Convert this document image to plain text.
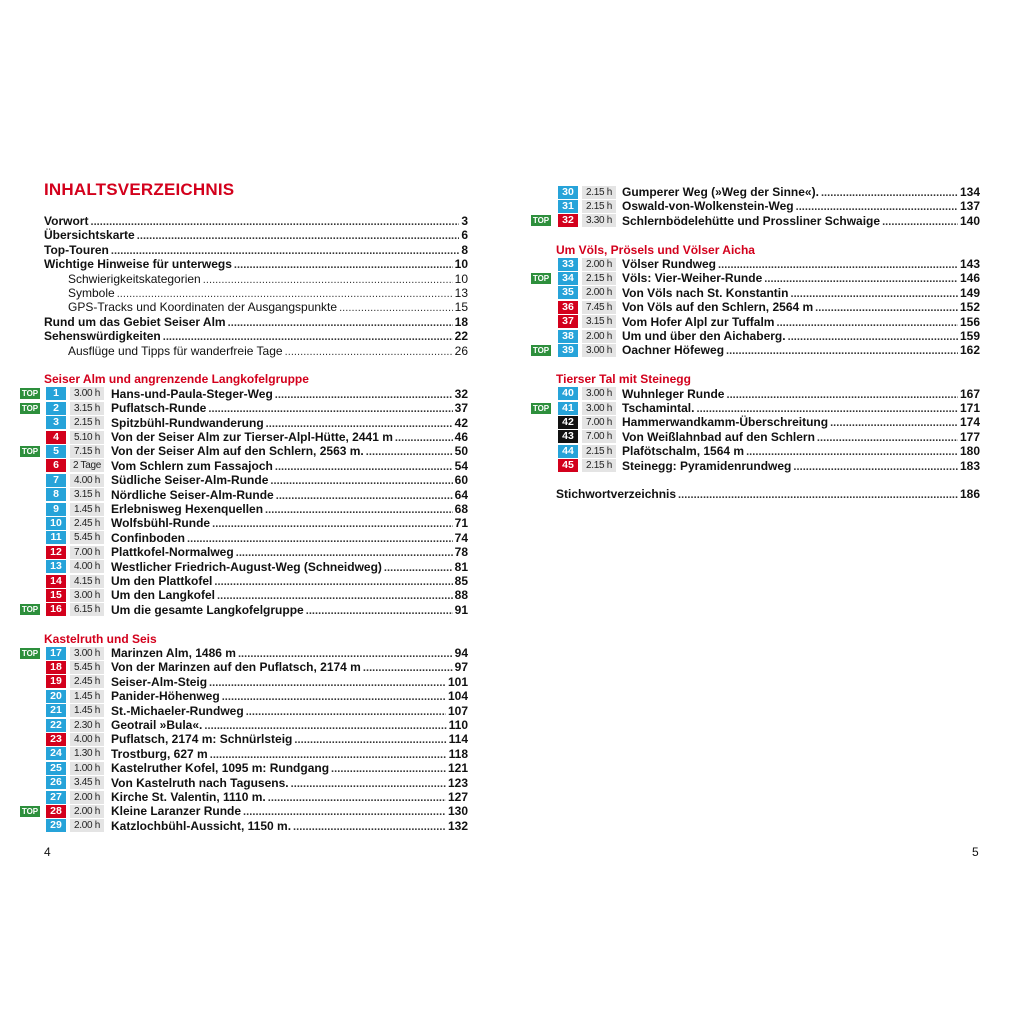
INHALTSVERZEICHNIS
4	5
Vorwort . . .	3
Übersichtskarte . . .	6
Top-Touren . . .	8
Wichtige Hinweise für unterwegs . . .	10
Schwierigkeitskategorien . . .	10
Symbole . . .	13
GPS-Tracks und Koordinaten der Ausgangspunkte . . .	15
Rund um das Gebiet Seiser Alm . . .	18
Sehenswürdigkeiten . . .	22
Ausflüge und Tipps für wanderfreie Tage . . .	26
Seiser Alm und angrenzende Langkofelgruppe
TOP	1	3.00 h Hans-und-Paula-Steger-Weg . . .	32
TOP	2	3.15 h Puflatsch-Runde . . .	37
3	2.15 h Spitzbühl-Rundwanderung . . .	42
4	5.10 h Von der Seiser Alm zur Tierser-Alpl-Hütte, 2441 m . . .	46
TOP	5	7.15 h Von der Seiser Alm auf den Schlern, 2563 m. . . .	50
6	2 Tage Vom Schlern zum Fassajoch . . .	54
7	4.00 h Südliche Seiser-Alm-Runde . . .	60
8	3.15 h Nördliche Seiser-Alm-Runde . . .	64
9	1.45 h Erlebnisweg Hexenquellen . . .	68
10	2.45 h Wolfsbühl-Runde . . .	71
11	5.45 h Confinboden . . .	74
12	7.00 h Plattkofel-Normalweg . . .	78
13	4.00 h Westlicher Friedrich-August-Weg (Schneidweg) . . .	81
14	4.15 h Um den Plattkofel . . .	85
15	3.00 h Um den Langkofel . . .	88
TOP	16	6.15 h Um die gesamte Langkofelgruppe . . .	91
Kastelruth und Seis
TOP	17	3.00 h Marinzen Alm, 1486 m . . .	94
18	5.45 h Von der Marinzen auf den Puflatsch, 2174 m . . .	97
19	2.45 h Seiser-Alm-Steig . . .	101
20	1.45 h Panider-Höhenweg . . .	104
21	1.45 h St.-Michaeler-Rundweg . . .	107
22	2.30 h Geotrail »Bula«. . . .	110
23	4.00 h Puflatsch, 2174 m: Schnürlsteig . . .	114
24	1.30 h Trostburg, 627 m . . .	118
25	1.00 h Kastelruther Kofel, 1095 m: Rundgang . . .	121
26	3.45 h Von Kastelruth nach Tagusens. . . .	123
27	2.00 h Kirche St. Valentin, 1110 m. . . .	127
TOP	28	2.00 h Kleine Laranzer Runde . . .	130
29	2.00 h Katzlochbühl-Aussicht, 1150 m. . . .	132
30	2.15 h Gumperer Weg (»Weg der Sinne«). . . .	134
31	2.15 h Oswald-von-Wolkenstein-Weg . . .	137
TOP	32	3.30 h Schlernbödelehütte und Prossliner Schwaige . . .	140
Um Völs, Prösels und Völser Aicha
33	2.00 h Völser Rundweg . . .	143
TOP	34	2.15 h Völs: Vier-Weiher-Runde . . .	146
35	2.00 h Von Völs nach St. Konstantin . . .	149
36	7.45 h Von Völs auf den Schlern, 2564 m . . .	152
37	3.15 h Vom Hofer Alpl zur Tuffalm . . .	156
38	2.00 h Um und über den Aichaberg. . . .	159
TOP	39	3.00 h Oachner Höfeweg . . .	162
Tierser Tal mit Steinegg
40	3.00 h Wuhnleger Runde . . .	167
TOP	41	3.00 h Tschamintal. . . .	171
42	7.00 h Hammerwandkamm-Überschreitung . . .	174
43	7.00 h Von Weißlahnbad auf den Schlern . . .	177
44	2.15 h Plafötschalm, 1564 m . . .	180
45	2.15 h Steinegg: Pyramidenrundweg . . .	183
Stichwortverzeichnis . . .	186
